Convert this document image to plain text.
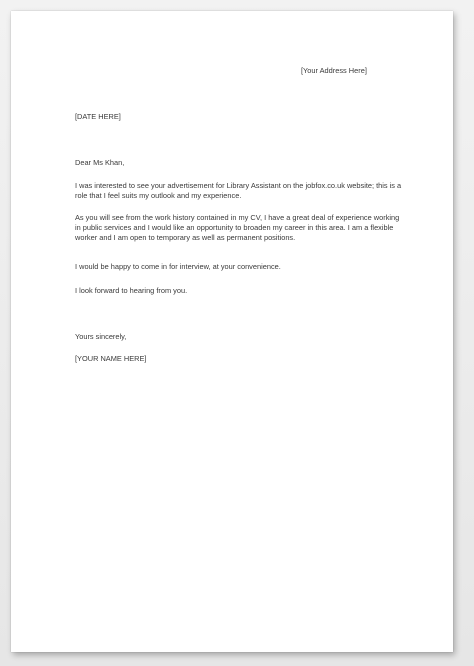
[Your Address Here]
[DATE HERE]
Dear Ms Khan,
I was interested to see your advertisement for Library Assistant on the jobfox.co.uk website; this is a role that I feel suits my outlook and my experience.
As you will see from the work history contained in my CV, I have a great deal of experience working in public services and I would like an opportunity to broaden my career in this area. I am a flexible worker and I am open to temporary as well as permanent positions.
I would be happy to come in for interview, at your convenience.
I look forward to hearing from you.
Yours sincerely,
[YOUR NAME HERE]
